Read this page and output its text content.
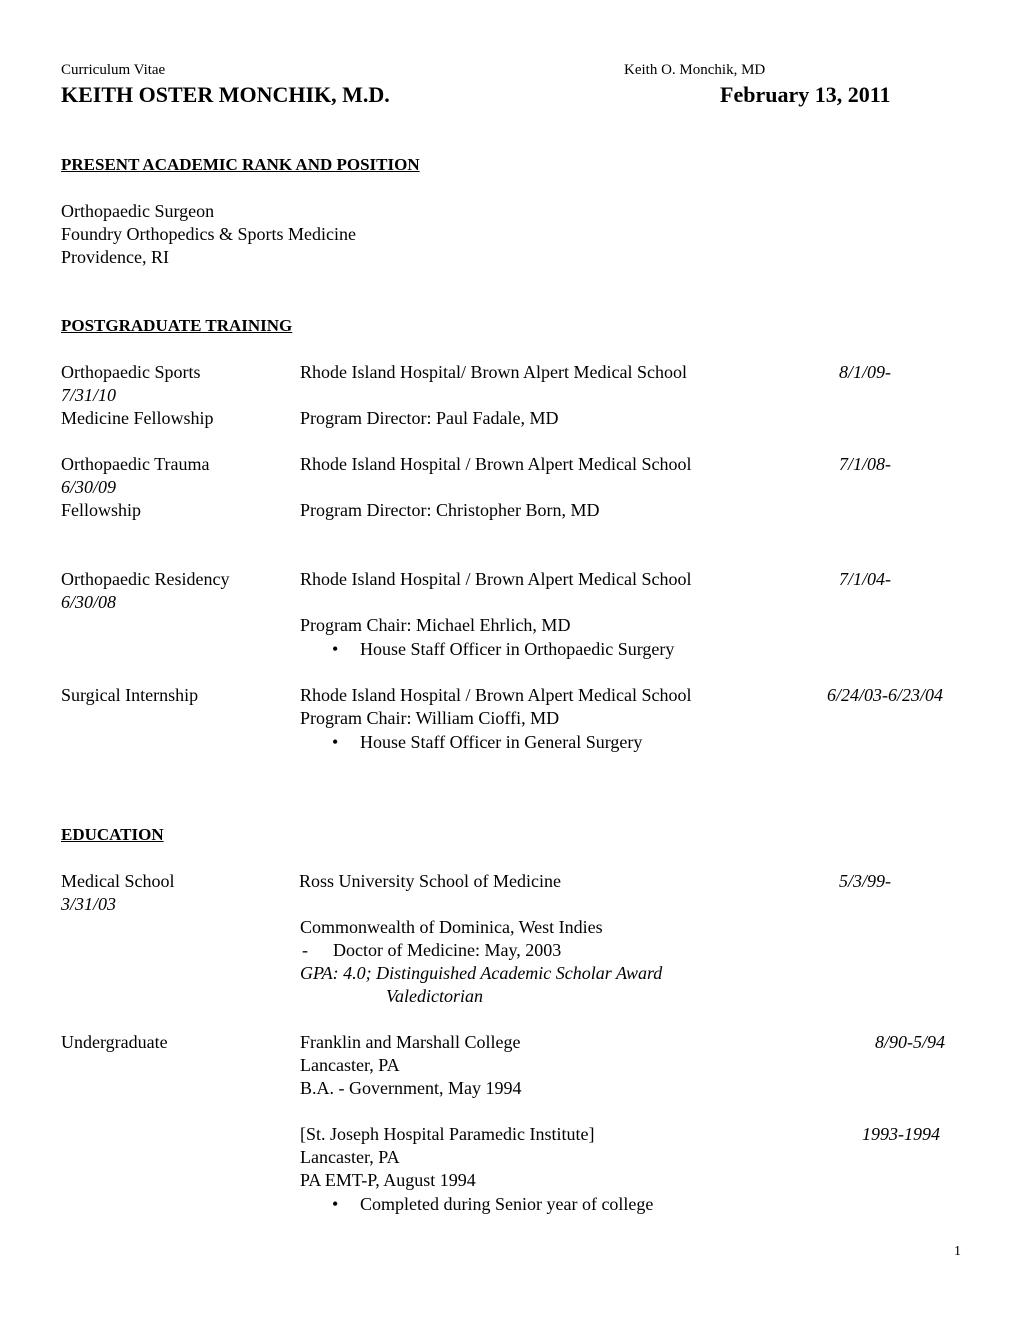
Curriculum Vitae	Keith O. Monchik, MD
KEITH OSTER MONCHIK, M.D.	February 13, 2011
PRESENT ACADEMIC RANK AND POSITION
Orthopaedic Surgeon
Foundry Orthopedics & Sports Medicine
Providence, RI
POSTGRADUATE TRAINING
Orthopaedic Sports	Rhode Island Hospital/ Brown Alpert Medical School	8/1/09-
7/31/10
Medicine Fellowship	Program Director: Paul Fadale, MD
Orthopaedic Trauma	Rhode Island Hospital / Brown Alpert Medical School	7/1/08-
6/30/09
Fellowship	Program Director: Christopher Born, MD
Orthopaedic Residency	Rhode Island Hospital / Brown Alpert Medical School	7/1/04-
6/30/08
Program Chair: Michael Ehrlich, MD
• House Staff Officer in Orthopaedic Surgery
Surgical Internship	Rhode Island Hospital / Brown Alpert Medical School	6/24/03-6/23/04
Program Chair: William Cioffi, MD
• House Staff Officer in General Surgery
EDUCATION
Medical School	Ross University School of Medicine	5/3/99-
3/31/03
Commonwealth of Dominica, West Indies
- Doctor of Medicine: May, 2003
GPA: 4.0; Distinguished Academic Scholar Award
Valedictorian
Undergraduate	Franklin and Marshall College	8/90-5/94
Lancaster, PA
B.A. - Government, May 1994
[St. Joseph Hospital Paramedic Institute]	1993-1994
Lancaster, PA
PA EMT-P, August 1994
• Completed during Senior year of college
1
